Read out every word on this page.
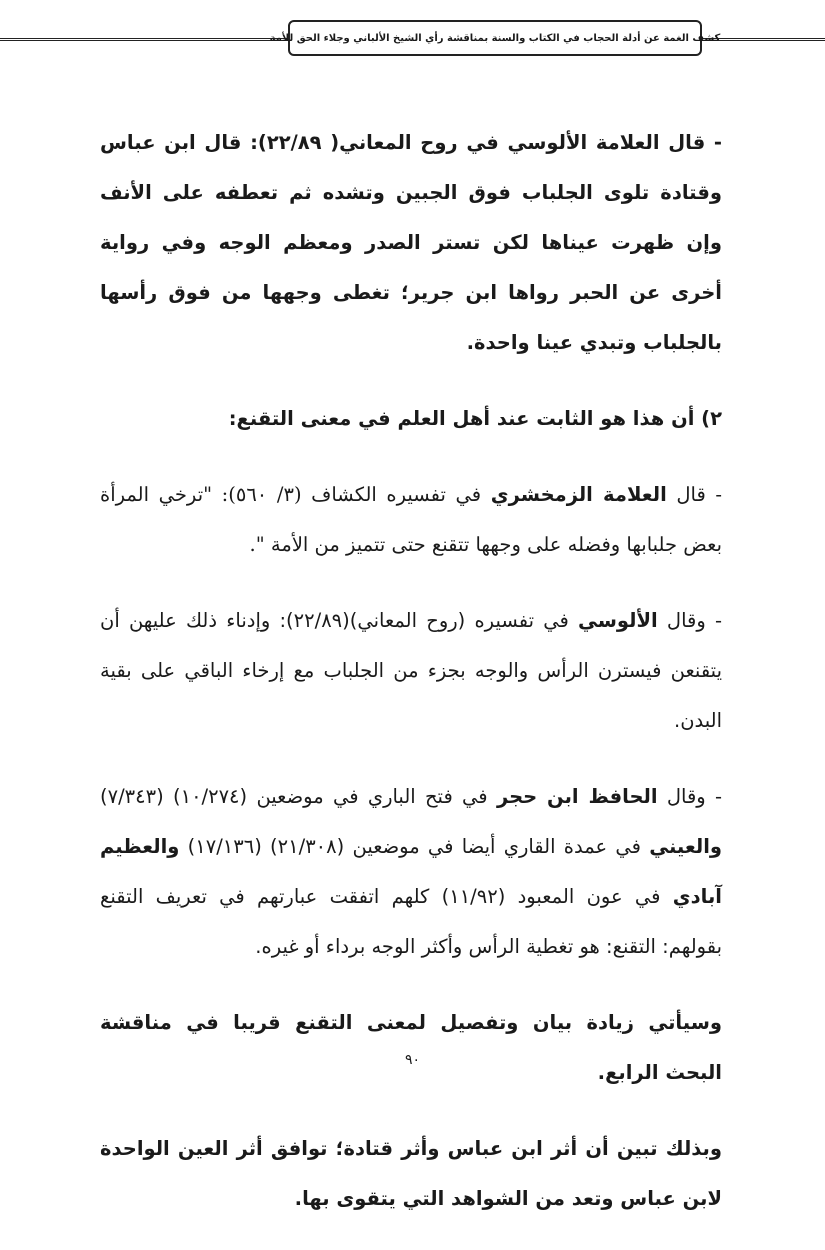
كشف الغمة عن أدلة الحجاب في الكتاب والسنة بمناقشة رأي الشيخ الألباني وجلاء الحق للأمة

- قال العلامة الألوسي في روح المعاني( ٢٢/٨٩): قال ابن عباس وقتادة تلوى الجلباب فوق الجبين وتشده ثم تعطفه على الأنف وإن ظهرت عيناها لكن تستر الصدر ومعظم الوجه وفي رواية أخرى عن الحبر رواها ابن جرير؛ تغطى وجهها من فوق رأسها بالجلباب وتبدي عينا واحدة.

٢) أن هذا هو الثابت عند أهل العلم في معنى التقنع:

- قال العلامة الزمخشري في تفسيره الكشاف (٣/ ٥٦٠): "ترخي المرأة بعض جلبابها وفضله على وجهها تتقنع حتى تتميز من الأمة ".

- وقال الألوسي في تفسيره (روح المعاني)(٢٢/٨٩): وإدناء ذلك عليهن أن يتقنعن فيسترن الرأس والوجه بجزء من الجلباب مع إرخاء الباقي على بقية البدن.

- وقال الحافظ ابن حجر في فتح الباري في موضعين (١٠/٢٧٤) (٧/٣٤٣) والعيني في عمدة القاري أيضا في موضعين (٢١/٣٠٨) (١٧/١٣٦) والعظيم آبادي في عون المعبود (١١/٩٢) كلهم اتفقت عبارتهم في تعريف التقنع بقولهم: التقنع: هو تغطية الرأس وأكثر الوجه برداء أو غيره.

وسيأتي زيادة بيان وتفصيل لمعنى التقنع قريبا في مناقشة البحث الرابع.

وبذلك تبين أن أثر ابن عباس وأثر قتادة؛ توافق أثر العين الواحدة لابن عباس وتعد من الشواهد التي يتقوى بها.

٩٠
